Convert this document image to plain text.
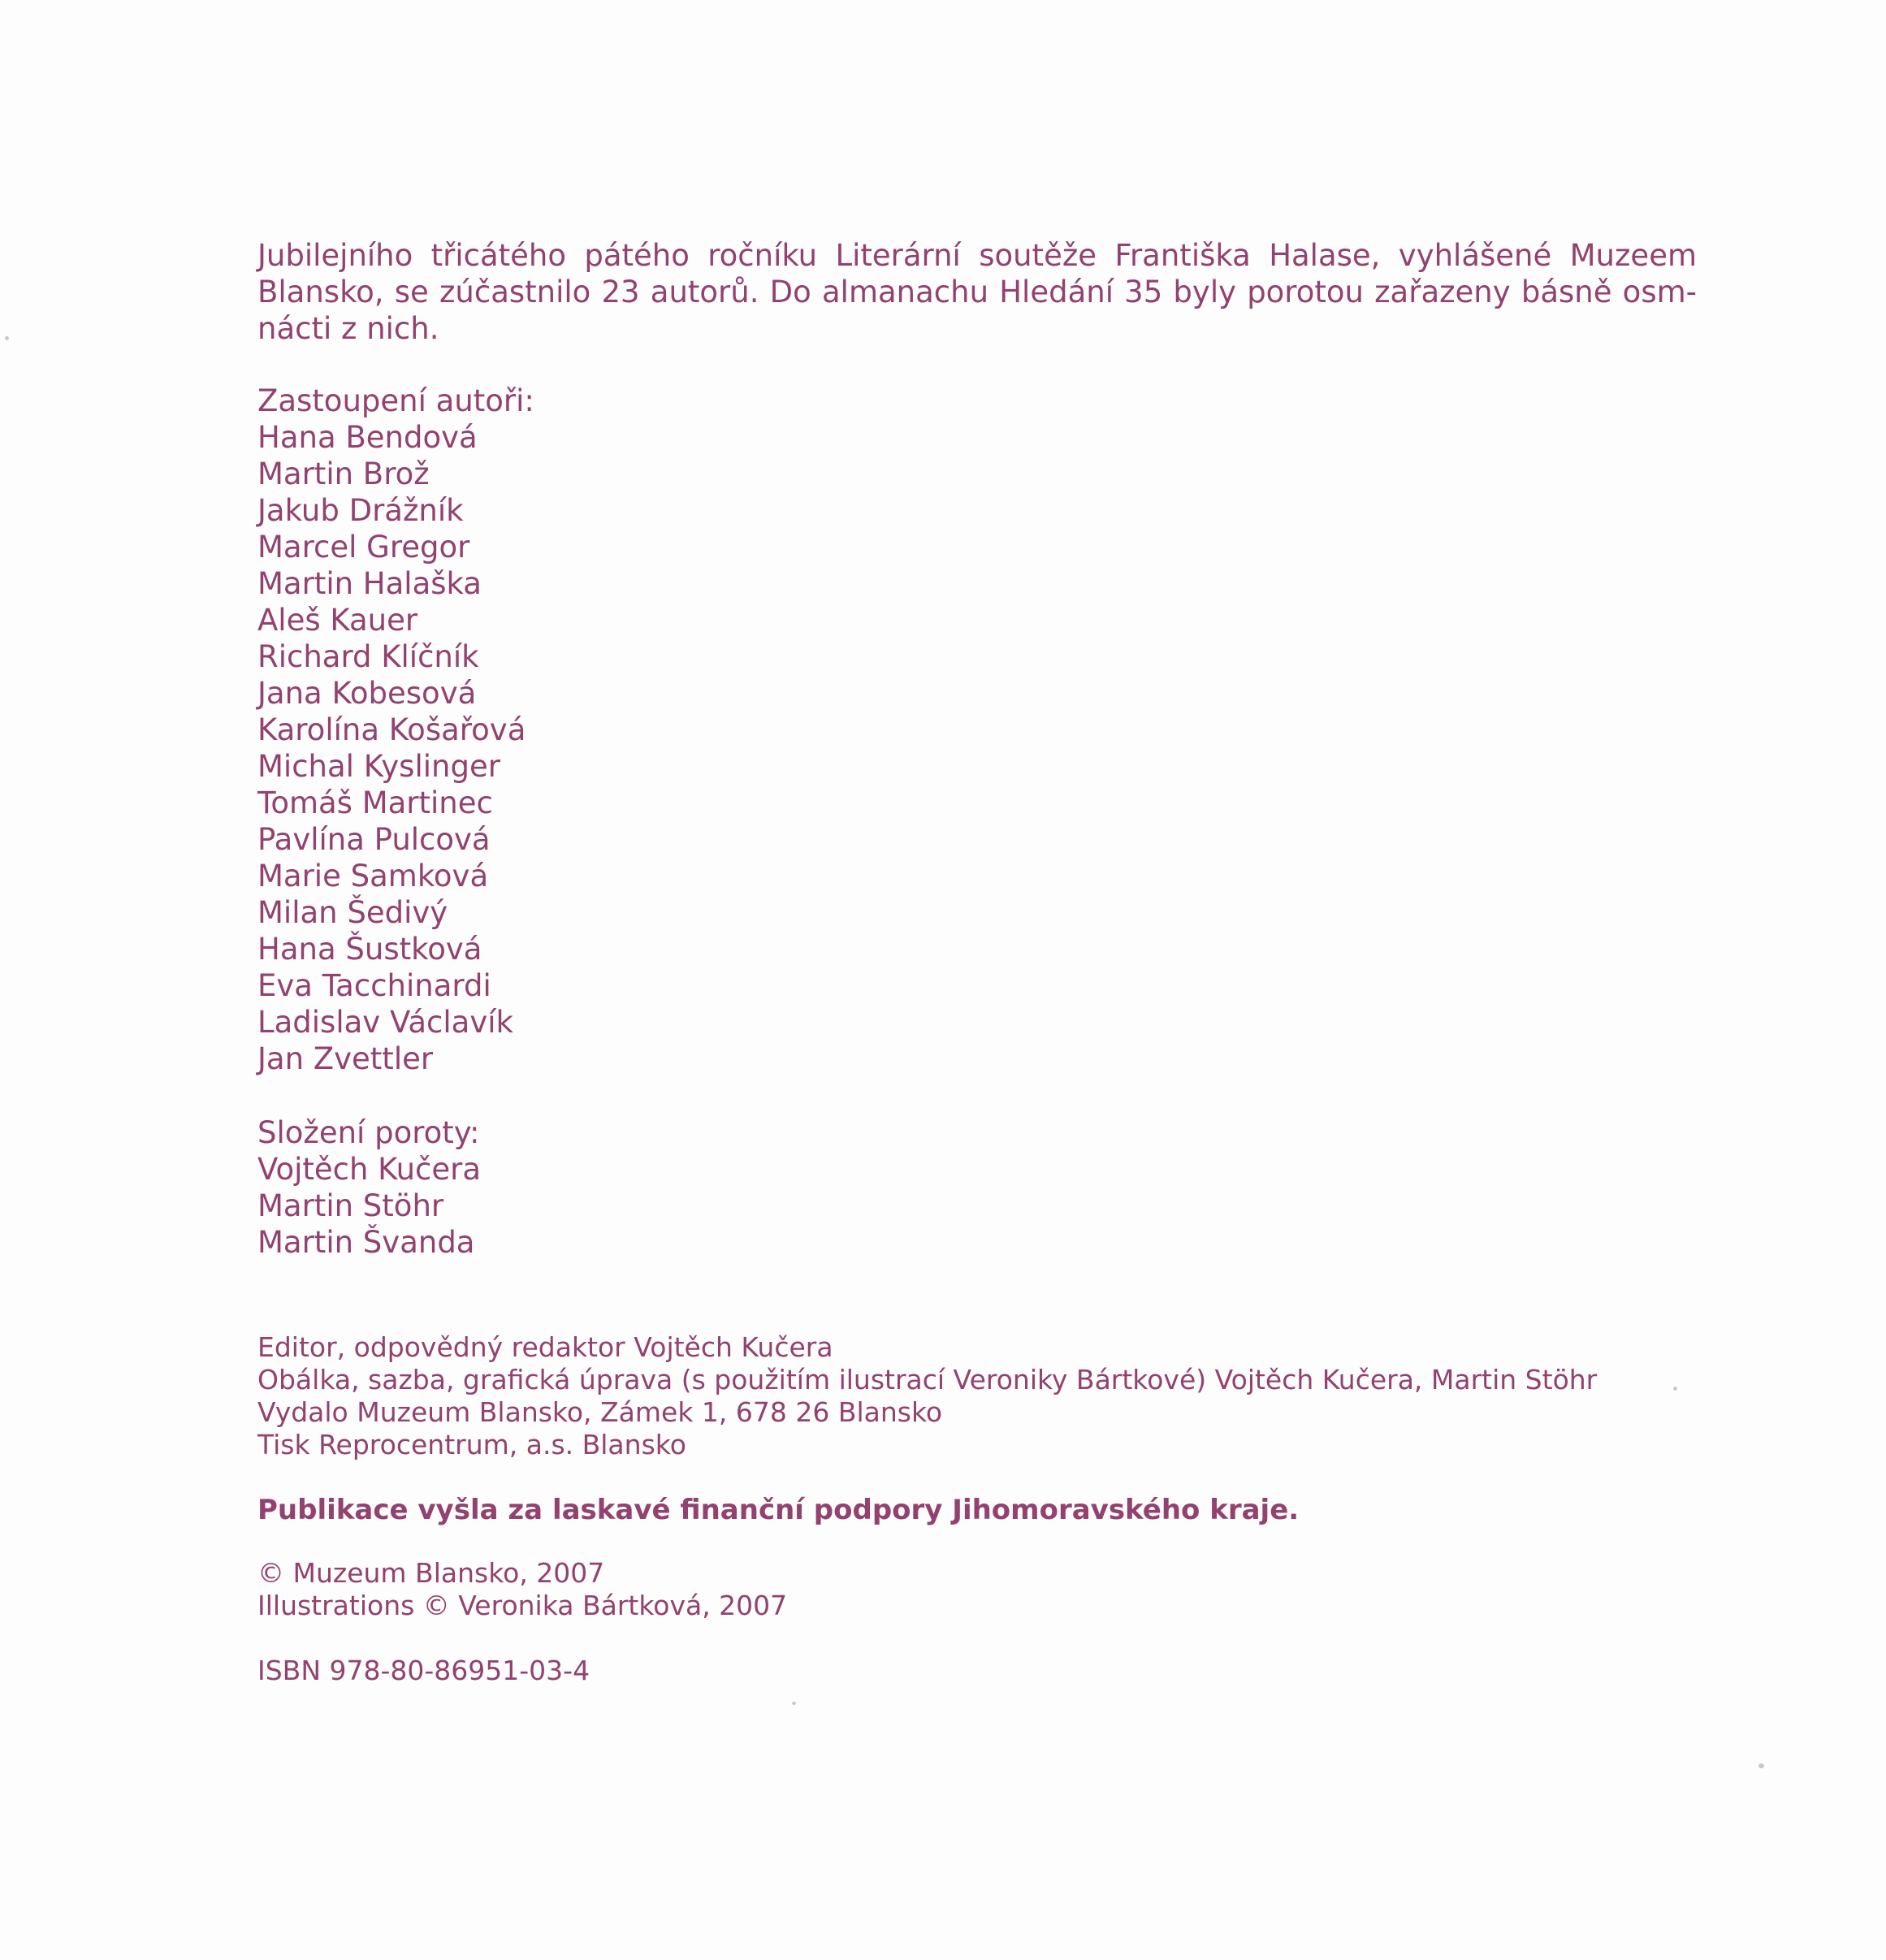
Jubilejního třicátého pátého ročníku Literární soutěže Františka Halase, vyhlášené Muzeem
Blansko, se zúčastnilo 23 autorů. Do almanachu Hledání 35 byly porotou zařazeny básně osm-
nácti z nich.
Zastoupení autoři:
Hana Bendová
Martin Brož
Jakub Drážník
Marcel Gregor
Martin Halaška
Aleš Kauer
Richard Klíčník
Jana Kobesová
Karolína Košařová
Michal Kyslinger
Tomáš Martinec
Pavlína Pulcová
Marie Samková
Milan Šedivý
Hana Šustková
Eva Tacchinardi
Ladislav Václavík
Jan Zvettler
Složení poroty:
Vojtěch Kučera
Martin Stöhr
Martin Švanda
Editor, odpovědný redaktor Vojtěch Kučera
Obálka, sazba, grafická úprava (s použitím ilustrací Veroniky Bártkové) Vojtěch Kučera, Martin Stöhr
Vydalo Muzeum Blansko, Zámek 1, 678 26 Blansko
Tisk Reprocentrum, a.s. Blansko
Publikace vyšla za laskavé finanční podpory Jihomoravského kraje.
© Muzeum Blansko, 2007
Illustrations © Veronika Bártková, 2007
ISBN 978-80-86951-03-4
